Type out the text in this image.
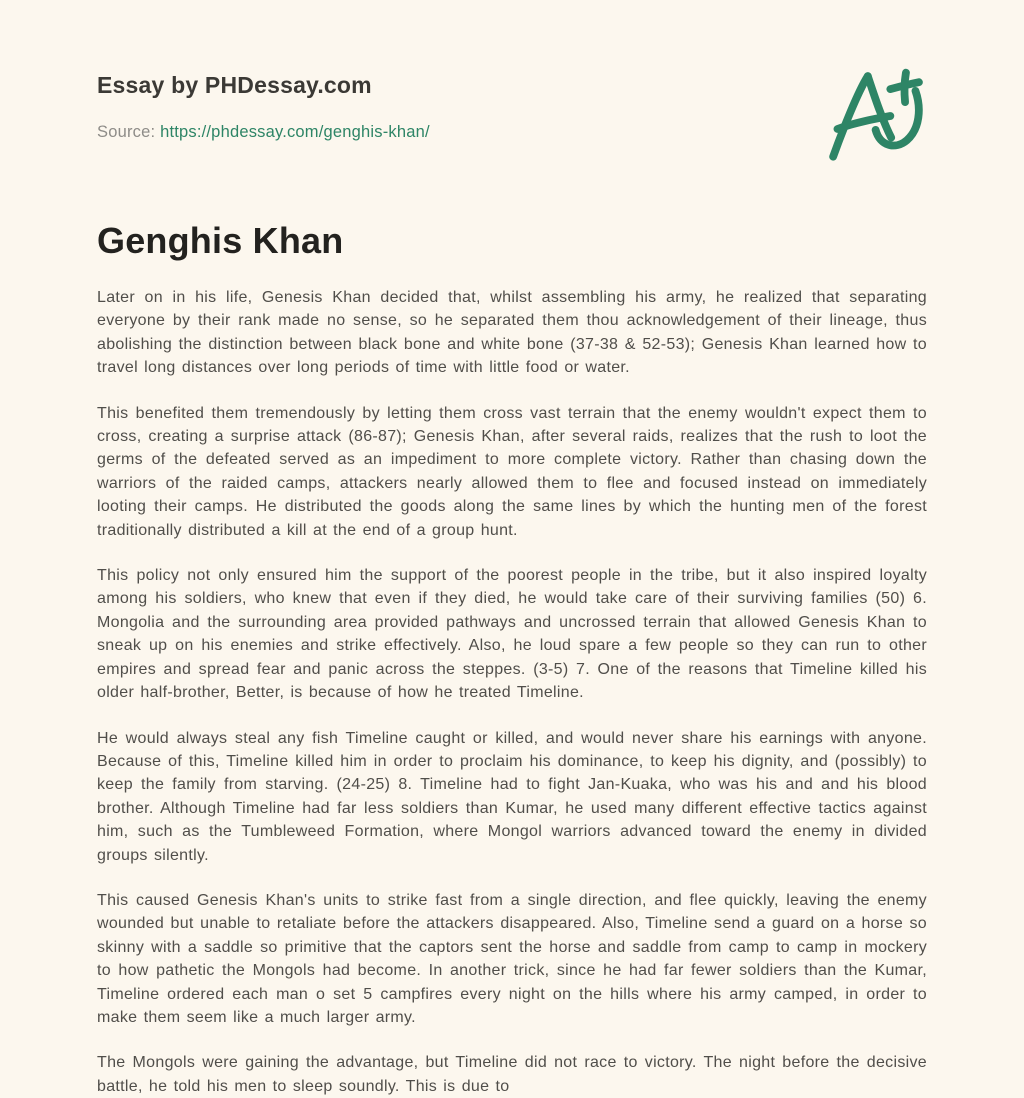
Essay by PHDessay.com
Source: https://phdessay.com/genghis-khan/
Genghis Khan

Later on in his life, Genesis Khan decided that, whilst assembling his army, he realized that separating everyone by their rank made no sense, so he separated them thou acknowledgement of their lineage, thus abolishing the distinction between black bone and white bone (37-38 & 52-53); Genesis Khan learned how to travel long distances over long periods of time with little food or water.

This benefited them tremendously by letting them cross vast terrain that the enemy wouldn't expect them to cross, creating a surprise attack (86-87); Genesis Khan, after several raids, realizes that the rush to loot the germs of the defeated served as an impediment to more complete victory. Rather than chasing down the warriors of the raided camps, attackers nearly allowed them to flee and focused instead on immediately looting their camps. He distributed the goods along the same lines by which the hunting men of the forest traditionally distributed a kill at the end of a group hunt.

This policy not only ensured him the support of the poorest people in the tribe, but it also inspired loyalty among his soldiers, who knew that even if they died, he would take care of their surviving families (50) 6. Mongolia and the surrounding area provided pathways and uncrossed terrain that allowed Genesis Khan to sneak up on his enemies and strike effectively. Also, he loud spare a few people so they can run to other empires and spread fear and panic across the steppes. (3-5) 7. One of the reasons that Timeline killed his older half-brother, Better, is because of how he treated Timeline.

He would always steal any fish Timeline caught or killed, and would never share his earnings with anyone. Because of this, Timeline killed him in order to proclaim his dominance, to keep his dignity, and (possibly) to keep the family from starving. (24-25) 8. Timeline had to fight Jan-Kuaka, who was his and and his blood brother. Although Timeline had far less soldiers than Kumar, he used many different effective tactics against him, such as the Tumbleweed Formation, where Mongol warriors advanced toward the enemy in divided groups silently.

This caused Genesis Khan's units to strike fast from a single direction, and flee quickly, leaving the enemy wounded but unable to retaliate before the attackers disappeared. Also, Timeline send a guard on a horse so skinny with a saddle so primitive that the captors sent the horse and saddle from camp to camp in mockery to how pathetic the Mongols had become. In another trick, since he had far fewer soldiers than the Kumar, Timeline ordered each man o set 5 campfires every night on the hills where his army camped, in order to make them seem like a much larger army.

The Mongols were gaining the advantage, but Timeline did not race to victory. The night before the decisive battle, he told his men to sleep soundly. This is due to
